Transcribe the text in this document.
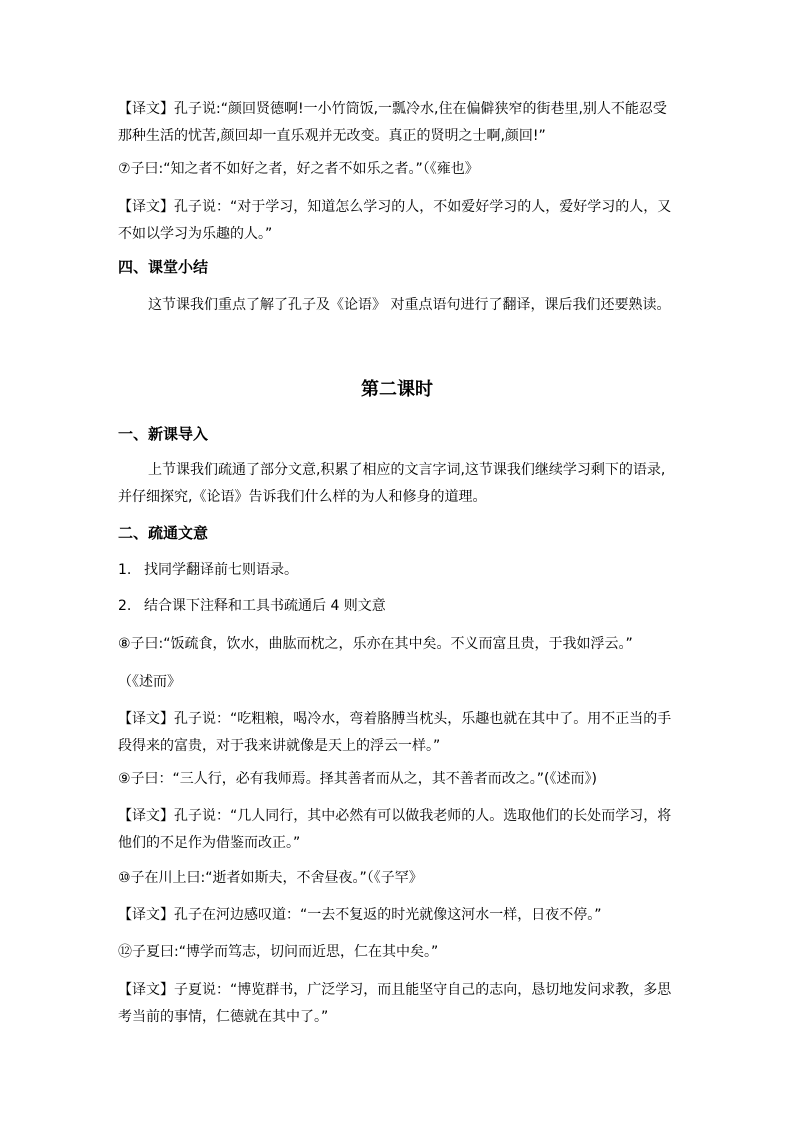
【译文】孔子说:“颜回贤德啊!一小竹筒饭,一瓢冷水,住在偏僻狭窄的街巷里,别人不能忍受那种生活的忧苦,颜回却一直乐观并无改变。真正的贤明之士啊,颜回!”
⑦子曰:“知之者不如好之者，好之者不如乐之者。”（《雍也》
【译文】孔子说：“对于学习，知道怎么学习的人，不如爱好学习的人，爱好学习的人，又不如以学习为乐趣的人。”
四、课堂小结
这节课我们重点了解了孔子及《论语》 对重点语句进行了翻译，课后我们还要熟读。
第二课时
一、新课导入
上节课我们疏通了部分文意,积累了相应的文言字词,这节课我们继续学习剩下的语录,并仔细探究,《论语》告诉我们什么样的为人和修身的道理。
二、疏通文意
1. 找同学翻译前七则语录。
2. 结合课下注释和工具书疏通后 4 则文意
⑧子曰:“饭疏食，饮水，曲肱而枕之，乐亦在其中矣。不义而富且贵，于我如浮云。”
（《述而》
【译文】孔子说：“吃粗粮，喝冷水，弯着胳膊当枕头，乐趣也就在其中了。用不正当的手段得来的富贵，对于我来讲就像是天上的浮云一样。”
⑨子曰：“三人行，必有我师焉。择其善者而从之，其不善者而改之。”(《述而》)
【译文】孔子说：“几人同行，其中必然有可以做我老师的人。选取他们的长处而学习，将他们的不足作为借鉴而改正。”
⑩子在川上曰:“逝者如斯夫，不舍昼夜。”（《子罕》
【译文】孔子在河边感叹道：“一去不复返的时光就像这河水一样，日夜不停。”
⑫子夏曰:“博学而笃志，切问而近思，仁在其中矣。”
【译文】子夏说：“博览群书，广泛学习，而且能坚守自己的志向，恳切地发问求教，多思考当前的事情，仁德就在其中了。”
